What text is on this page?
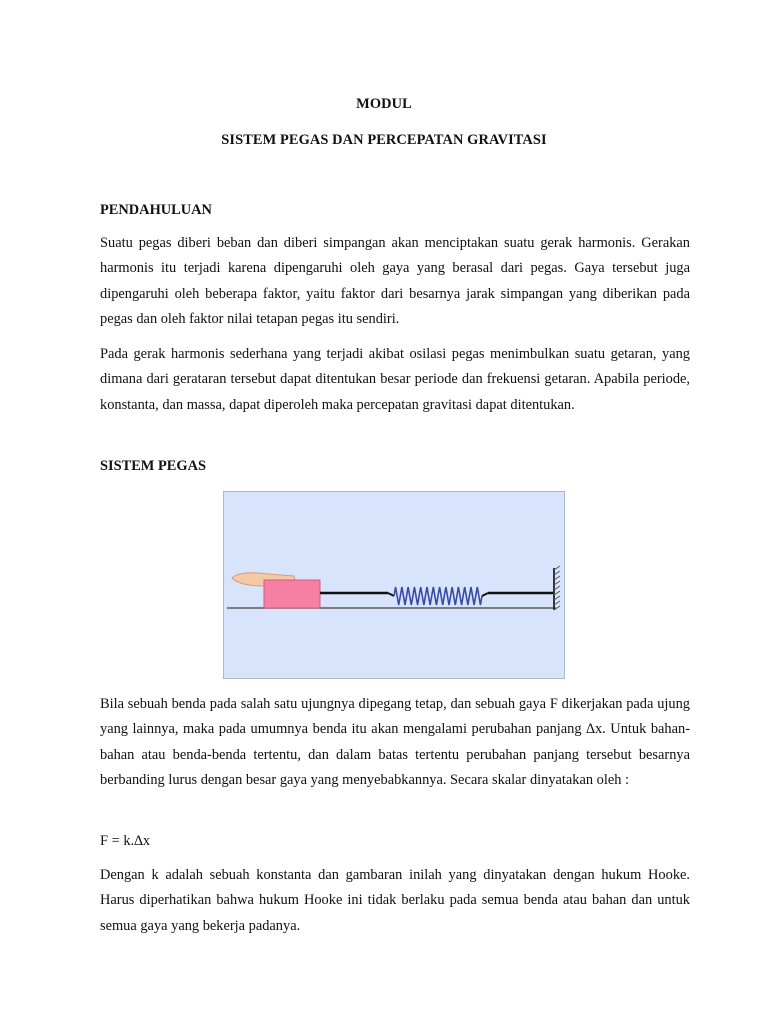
MODUL
SISTEM PEGAS DAN PERCEPATAN GRAVITASI
PENDAHULUAN

Suatu pegas diberi beban dan diberi simpangan akan menciptakan suatu gerak harmonis. Gerakan harmonis itu terjadi karena dipengaruhi oleh gaya yang berasal dari pegas. Gaya tersebut juga dipengaruhi oleh beberapa faktor, yaitu faktor dari besarnya jarak simpangan yang diberikan pada pegas dan oleh faktor nilai tetapan pegas itu sendiri.

Pada gerak harmonis sederhana yang terjadi akibat osilasi pegas menimbulkan suatu getaran, yang dimana dari gerataran tersebut dapat ditentukan besar periode dan frekuensi getaran. Apabila periode, konstanta, dan massa, dapat diperoleh maka percepatan gravitasi dapat ditentukan.

SISTEM PEGAS

Bila sebuah benda pada salah satu ujungnya dipegang tetap, dan sebuah gaya F dikerjakan pada ujung yang lainnya, maka pada umumnya benda itu akan mengalami perubahan panjang ∆x. Untuk bahan-bahan atau benda-benda tertentu, dan dalam batas tertentu perubahan panjang tersebut besarnya berbanding lurus dengan besar gaya yang menyebabkannya. Secara skalar dinyatakan oleh :

F = k.∆x

Dengan k adalah sebuah konstanta dan gambaran inilah yang dinyatakan dengan hukum Hooke. Harus diperhatikan bahwa hukum Hooke ini tidak berlaku pada semua benda atau bahan dan untuk semua gaya yang bekerja padanya.
